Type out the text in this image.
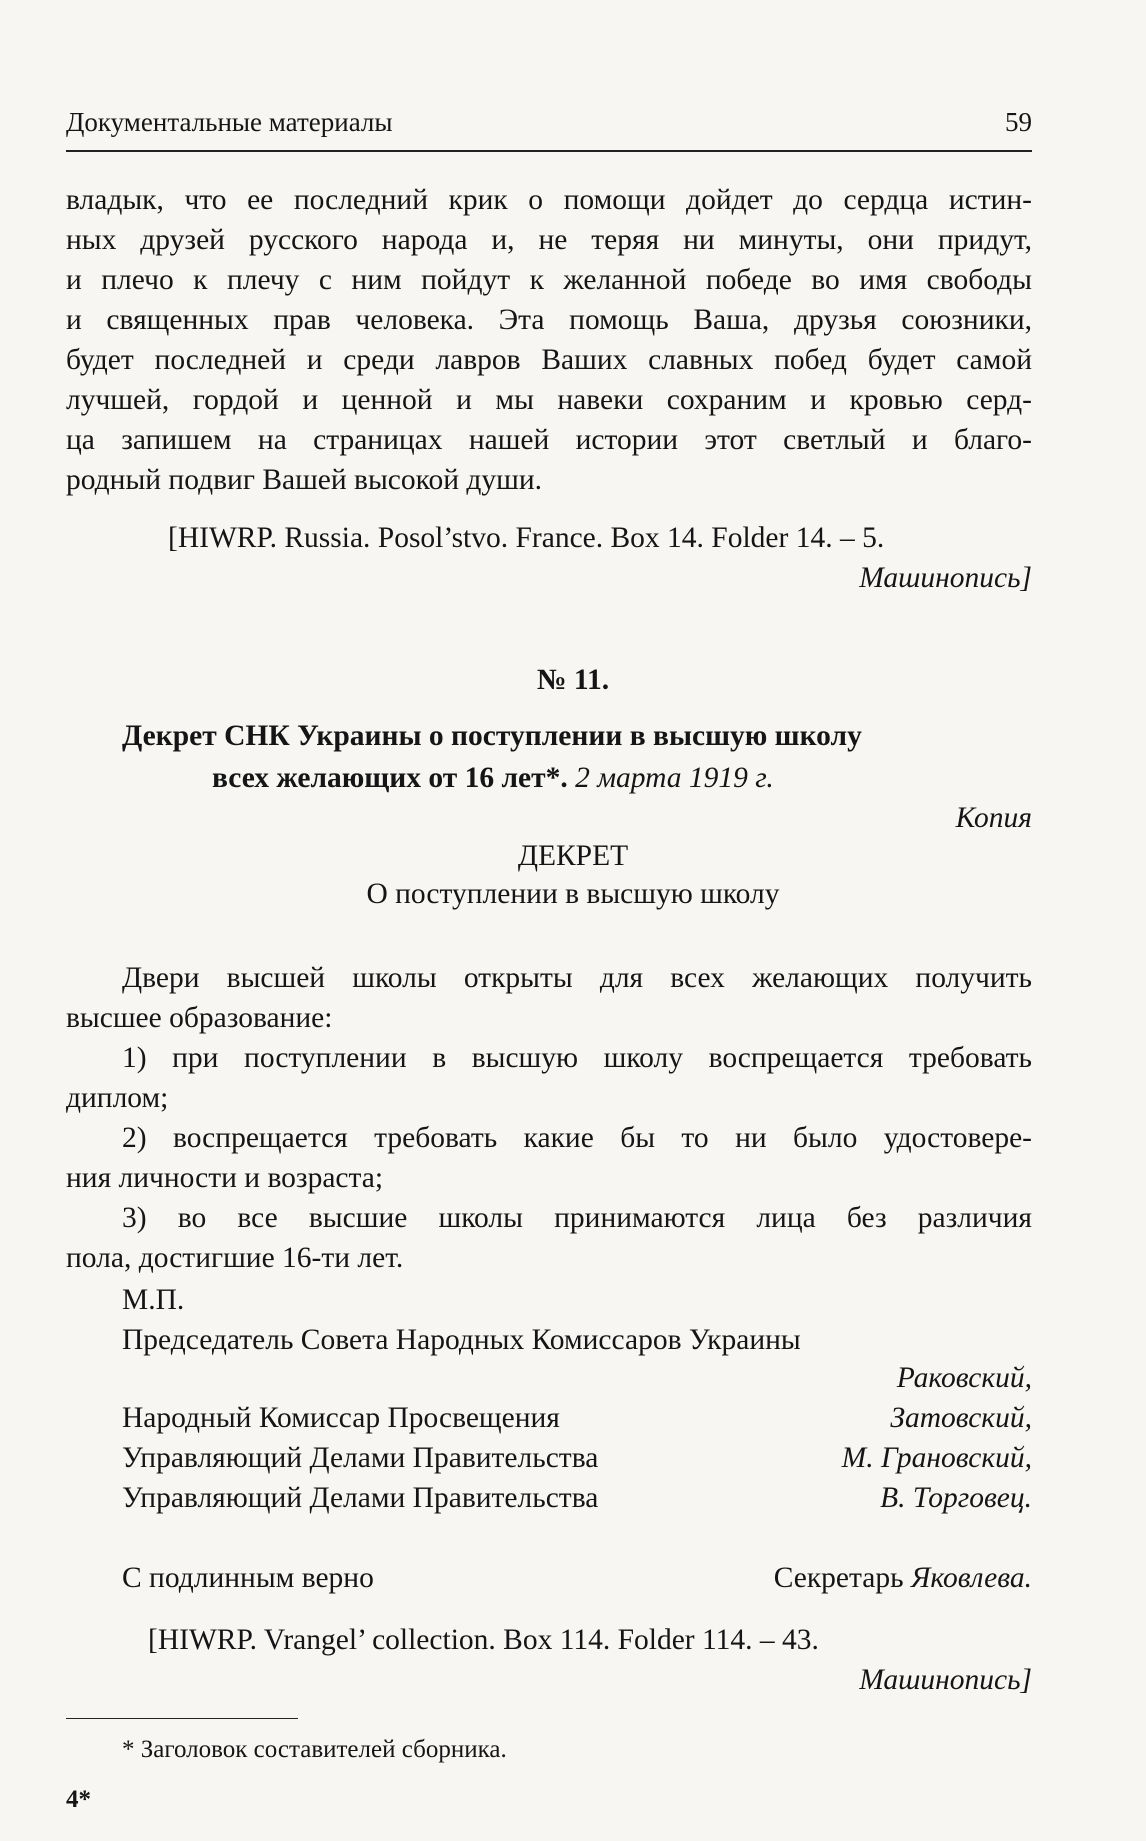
Документальные материалы	59
владык, что ее последний крик о помощи дойдет до сердца истин-
ных друзей русского народа и, не теряя ни минуты, они придут,
и плечо к плечу с ним пойдут к желанной победе во имя свободы
и священных прав человека. Эта помощь Ваша, друзья союзники,
будет последней и среди лавров Ваших славных побед будет самой
лучшей, гордой и ценной и мы навеки сохраним и кровью серд-
ца запишем на страницах нашей истории этот светлый и благо-
родный подвиг Вашей высокой души.
[HIWRP. Russia. Posol’stvo. France. Box 14. Folder 14. – 5.
Машинопись]
№ 11.
Декрет СНК Украины о поступлении в высшую школу
всех желающих от 16 лет*. 2 марта 1919 г.
Копия
ДЕКРЕТ
О поступлении в высшую школу
Двери высшей школы открыты для всех желающих получить
высшее образование:
1) при поступлении в высшую школу воспрещается требовать
диплом;
2) воспрещается требовать какие бы то ни было удостовере-
ния личности и возраста;
3) во все высшие школы принимаются лица без различия
пола, достигшие 16-ти лет.
М.П.
Председатель Совета Народных Комиссаров Украины
Раковский,
Народный Комиссар Просвещения	Затовский,
Управляющий Делами Правительства	М. Грановский,
Управляющий Делами Правительства	В. Торговец.
С подлинным верно	Секретарь Яковлева.
[HIWRP. Vrangel’ collection. Box 114. Folder 114. – 43.
Машинопись]
* Заголовок составителей сборника.
4*
